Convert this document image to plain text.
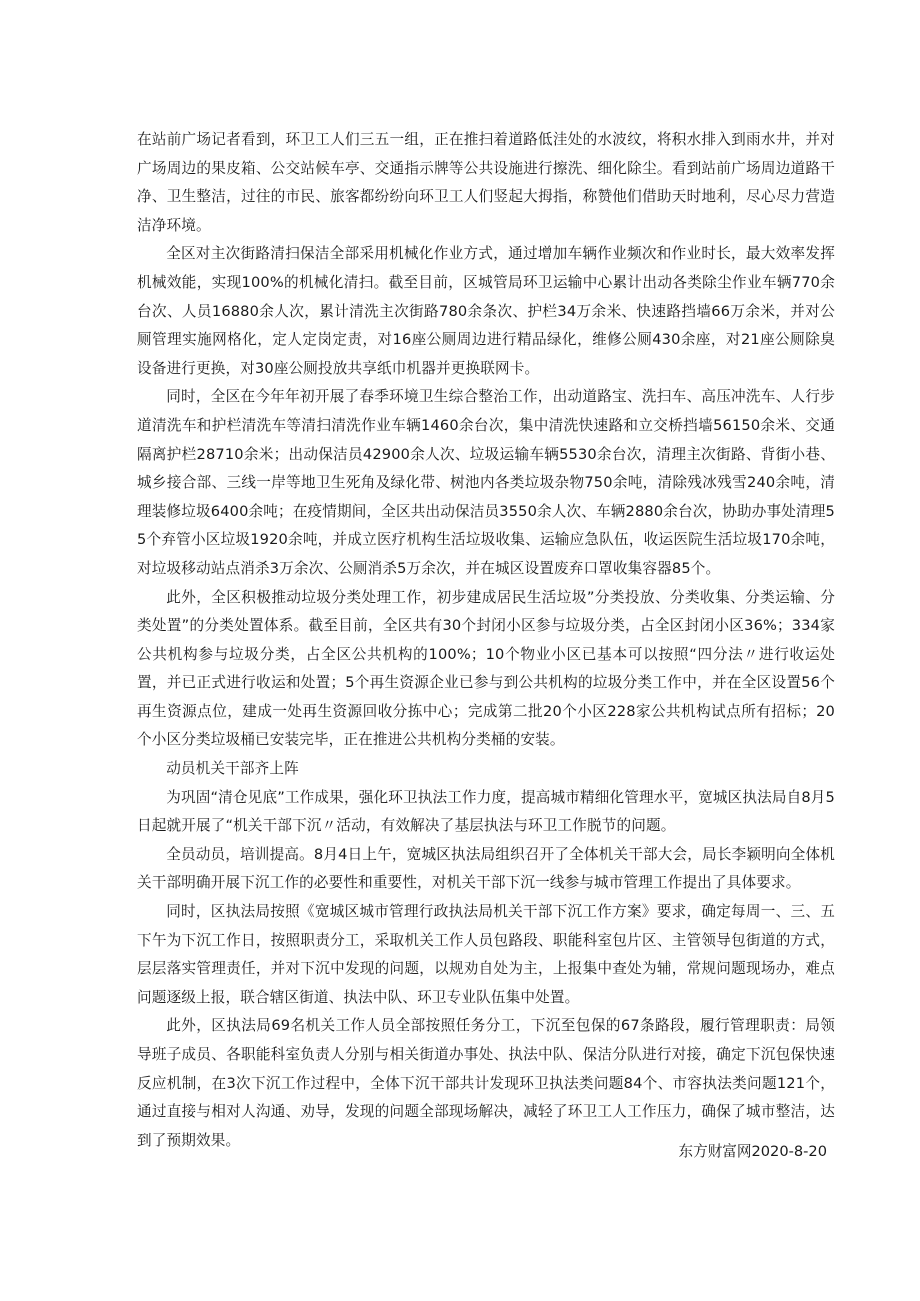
在站前广场记者看到，环卫工人们三五一组，正在推扫着道路低洼处的水波纹，将积水排入到雨水井，并对广场周边的果皮箱、公交站候车亭、交通指示牌等公共设施进行擦洗、细化除尘。看到站前广场周边道路干净、卫生整洁，过往的市民、旅客都纷纷向环卫工人们竖起大拇指，称赞他们借助天时地利，尽心尽力营造洁净环境。

全区对主次街路清扫保洁全部采用机械化作业方式，通过增加车辆作业频次和作业时长，最大效率发挥机械效能，实现100%的机械化清扫。截至目前，区城管局环卫运输中心累计出动各类除尘作业车辆770余台次、人员16880余人次，累计清洗主次街路780余条次、护栏34万余米、快速路挡墙66万余米，并对公厕管理实施网格化，定人定岗定责，对16座公厕周边进行精品绿化，维修公厕430余座，对21座公厕除臭设备进行更换，对30座公厕投放共享纸巾机器并更换联网卡。

同时，全区在今年年初开展了春季环境卫生综合整治工作，出动道路宝、洗扫车、高压冲洗车、人行步道清洗车和护栏清洗车等清扫清洗作业车辆1460余台次，集中清洗快速路和立交桥挡墙56150余米、交通隔离护栏28710余米；出动保洁员42900余人次、垃圾运输车辆5530余台次，清理主次街路、背街小巷、城乡接合部、三线一岸等地卫生死角及绿化带、树池内各类垃圾杂物750余吨，清除残冰残雪240余吨，清理装修垃圾6400余吨；在疫情期间，全区共出动保洁员3550余人次、车辆2880余台次，协助办事处清理55个弃管小区垃圾1920余吨，并成立医疗机构生活垃圾收集、运输应急队伍，收运医院生活垃圾170余吨，对垃圾移动站点消杀3万余次、公厕消杀5万余次，并在城区设置废弃口罩收集容器85个。

此外，全区积极推动垃圾分类处理工作，初步建成居民生活垃圾”分类投放、分类收集、分类运输、分类处置”的分类处置体系。截至目前，全区共有30个封闭小区参与垃圾分类，占全区封闭小区36%；334家公共机构参与垃圾分类，占全区公共机构的100%；10个物业小区已基本可以按照“四分法〃进行收运处置，并已正式进行收运和处置；5个再生资源企业已参与到公共机构的垃圾分类工作中，并在全区设置56个再生资源点位，建成一处再生资源回收分拣中心；完成第二批20个小区228家公共机构试点所有招标；20个小区分类垃圾桶已安装完毕，正在推进公共机构分类桶的安装。

动员机关干部齐上阵

为巩固“清仓见底”工作成果，强化环卫执法工作力度，提高城市精细化管理水平，宽城区执法局自8月5日起就开展了“机关干部下沉〃活动，有效解决了基层执法与环卫工作脱节的问题。

全员动员，培训提高。8月4日上午，宽城区执法局组织召开了全体机关干部大会，局长李颖明向全体机关干部明确开展下沉工作的必要性和重要性，对机关干部下沉一线参与城市管理工作提出了具体要求。

同时，区执法局按照《宽城区城市管理行政执法局机关干部下沉工作方案》要求，确定每周一、三、五下午为下沉工作日，按照职责分工，采取机关工作人员包路段、职能科室包片区、主管领导包街道的方式，层层落实管理责任，并对下沉中发现的问题，以规劝自处为主，上报集中查处为辅，常规问题现场办，难点问题逐级上报，联合辖区街道、执法中队、环卫专业队伍集中处置。

此外，区执法局69名机关工作人员全部按照任务分工，下沉至包保的67条路段，履行管理职责：局领导班子成员、各职能科室负责人分别与相关街道办事处、执法中队、保洁分队进行对接，确定下沉包保快速反应机制，在3次下沉工作过程中，全体下沉干部共计发现环卫执法类问题84个、市容执法类问题121个，通过直接与相对人沟通、劝导，发现的问题全部现场解决，减轻了环卫工人工作压力，确保了城市整洁，达到了预期效果。

东方财富网2020-8-20
